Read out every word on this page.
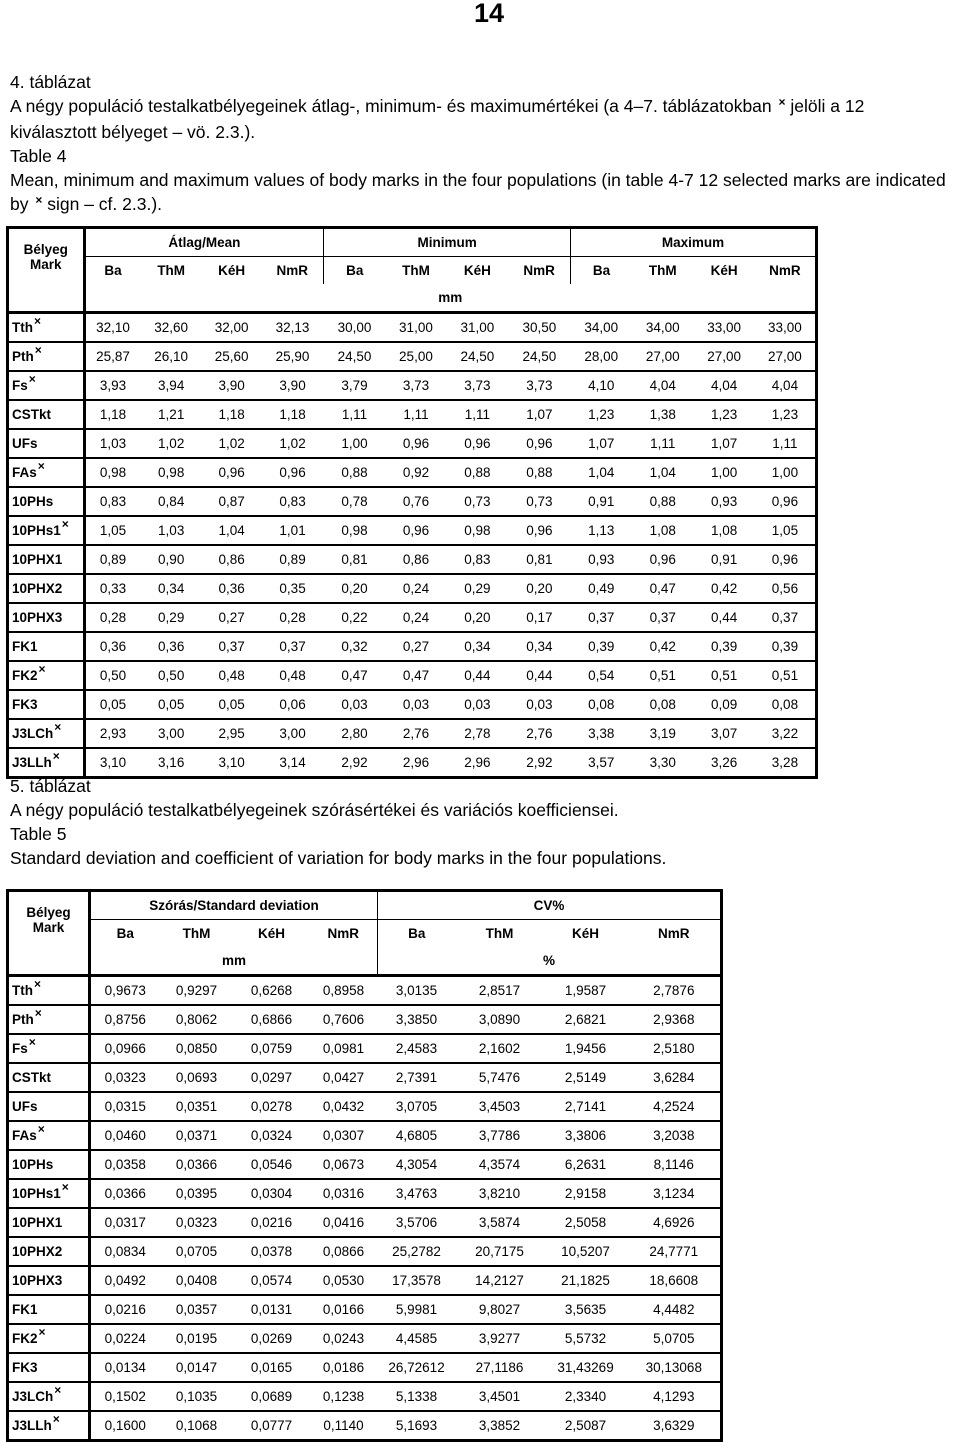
14
4. táblázat
A négy populáció testalkatbélyegeinek átlag-, minimum- és maximumértékei (a 4–7. táblázatokban × jelöli a 12 kiválasztott bélyeget – vö. 2.3.).
Table 4
Mean, minimum and maximum values of body marks in the four populations (in table 4-7 12 selected marks are indicated by × sign – cf. 2.3.).
Bélyeg
Mark	Átlag/Mean				Minimum				Maximum			
	Ba	ThM	KéH	NmR	Ba	ThM	KéH	NmR	Ba	ThM	KéH	NmR
	mm											
Tth×	32,10	32,60	32,00	32,13	30,00	31,00	31,00	30,50	34,00	34,00	33,00	33,00
Pth×	25,87	26,10	25,60	25,90	24,50	25,00	24,50	24,50	28,00	27,00	27,00	27,00
Fs×	3,93	3,94	3,90	3,90	3,79	3,73	3,73	3,73	4,10	4,04	4,04	4,04
CSTkt	1,18	1,21	1,18	1,18	1,11	1,11	1,11	1,07	1,23	1,38	1,23	1,23
UFs	1,03	1,02	1,02	1,02	1,00	0,96	0,96	0,96	1,07	1,11	1,07	1,11
FAs×	0,98	0,98	0,96	0,96	0,88	0,92	0,88	0,88	1,04	1,04	1,00	1,00
10PHs	0,83	0,84	0,87	0,83	0,78	0,76	0,73	0,73	0,91	0,88	0,93	0,96
10PHs1×	1,05	1,03	1,04	1,01	0,98	0,96	0,98	0,96	1,13	1,08	1,08	1,05
10PHX1	0,89	0,90	0,86	0,89	0,81	0,86	0,83	0,81	0,93	0,96	0,91	0,96
10PHX2	0,33	0,34	0,36	0,35	0,20	0,24	0,29	0,20	0,49	0,47	0,42	0,56
10PHX3	0,28	0,29	0,27	0,28	0,22	0,24	0,20	0,17	0,37	0,37	0,44	0,37
FK1	0,36	0,36	0,37	0,37	0,32	0,27	0,34	0,34	0,39	0,42	0,39	0,39
FK2×	0,50	0,50	0,48	0,48	0,47	0,47	0,44	0,44	0,54	0,51	0,51	0,51
FK3	0,05	0,05	0,05	0,06	0,03	0,03	0,03	0,03	0,08	0,08	0,09	0,08
J3LCh×	2,93	3,00	2,95	3,00	2,80	2,76	2,78	2,76	3,38	3,19	3,07	3,22
J3LLh×	3,10	3,16	3,10	3,14	2,92	2,96	2,96	2,92	3,57	3,30	3,26	3,28
5. táblázat
A négy populáció testalkatbélyegeinek szórásértékei és variációs koefficiensei.
Table 5
Standard deviation and coefficient of variation for body marks in the four populations.
Bélyeg
Mark	Szórás/Standard deviation				CV%			
	Ba	ThM	KéH	NmR	Ba	ThM	KéH	NmR
	mm				%			
Tth×	0,9673	0,9297	0,6268	0,8958	3,0135	2,8517	1,9587	2,7876
Pth×	0,8756	0,8062	0,6866	0,7606	3,3850	3,0890	2,6821	2,9368
Fs×	0,0966	0,0850	0,0759	0,0981	2,4583	2,1602	1,9456	2,5180
CSTkt	0,0323	0,0693	0,0297	0,0427	2,7391	5,7476	2,5149	3,6284
UFs	0,0315	0,0351	0,0278	0,0432	3,0705	3,4503	2,7141	4,2524
FAs×	0,0460	0,0371	0,0324	0,0307	4,6805	3,7786	3,3806	3,2038
10PHs	0,0358	0,0366	0,0546	0,0673	4,3054	4,3574	6,2631	8,1146
10PHs1×	0,0366	0,0395	0,0304	0,0316	3,4763	3,8210	2,9158	3,1234
10PHX1	0,0317	0,0323	0,0216	0,0416	3,5706	3,5874	2,5058	4,6926
10PHX2	0,0834	0,0705	0,0378	0,0866	25,2782	20,7175	10,5207	24,7771
10PHX3	0,0492	0,0408	0,0574	0,0530	17,3578	14,2127	21,1825	18,6608
FK1	0,0216	0,0357	0,0131	0,0166	5,9981	9,8027	3,5635	4,4482
FK2×	0,0224	0,0195	0,0269	0,0243	4,4585	3,9277	5,5732	5,0705
FK3	0,0134	0,0147	0,0165	0,0186	26,72612	27,1186	31,43269	30,13068
J3LCh×	0,1502	0,1035	0,0689	0,1238	5,1338	3,4501	2,3340	4,1293
J3LLh×	0,1600	0,1068	0,0777	0,1140	5,1693	3,3852	2,5087	3,6329
